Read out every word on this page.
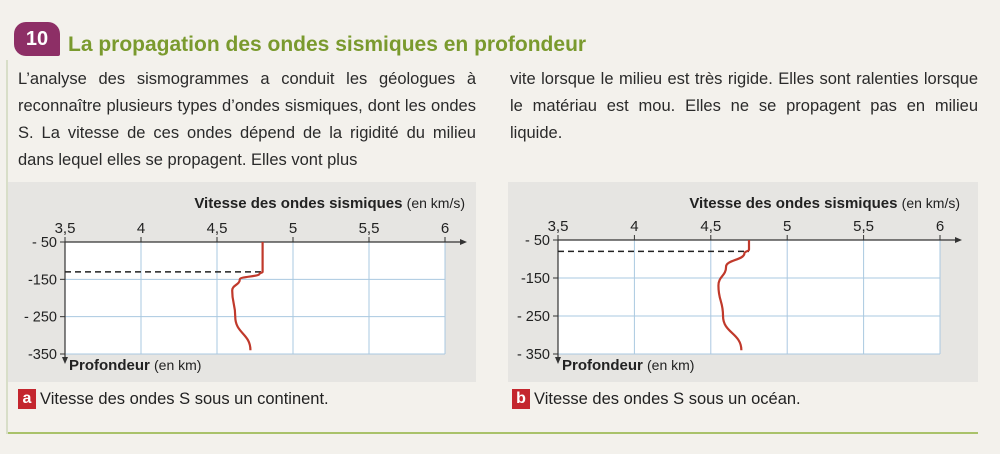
10 La propagation des ondes sismiques en profondeur
L’analyse des sismogrammes a conduit les géologues à reconnaître plusieurs types d’ondes sismiques, dont les ondes S. La vitesse de ces ondes dépend de la rigidité du milieu dans lequel elles se propagent. Elles vont plus
vite lorsque le milieu est très rigide. Elles sont ralenties lorsque le matériau est mou. Elles ne se propagent pas en milieu liquide.
3,5	4	4,5	5	5,5	6
- 50
-150
- 250
-350
Vitesse des ondes sismiques (en km/s)
Profondeur (en km)
3,5	4	4,5	5	5,5	6
- 50
-150
- 250
- 350
Vitesse des ondes sismiques (en km/s)
Profondeur (en km)
a Vitesse des ondes S sous un continent.	b Vitesse des ondes S sous un océan.
